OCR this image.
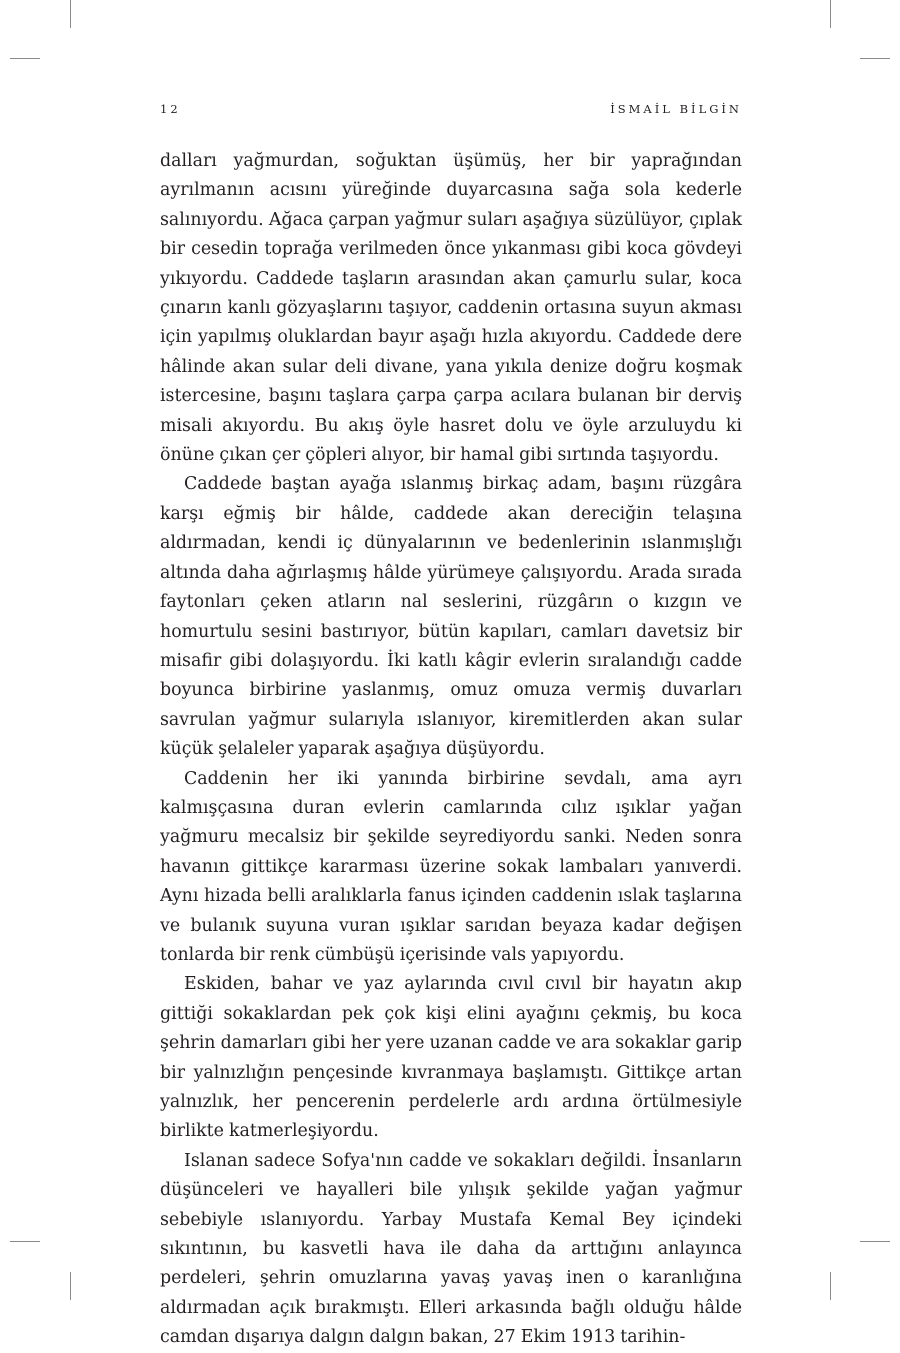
12	İSMAİL BİLGİN

dalları yağmurdan, soğuktan üşümüş, her bir yaprağından ayrılmanın acısını yüreğinde duyarcasına sağa sola kederle salınıyordu. Ağaca çarpan yağmur suları aşağıya süzülüyor, çıplak bir cesedin toprağa verilmeden önce yıkanması gibi koca gövdeyi yıkıyordu. Caddede taşların arasından akan çamurlu sular, koca çınarın kanlı gözyaşlarını taşıyor, caddenin ortasına suyun akması için yapılmış oluklardan bayır aşağı hızla akıyordu. Caddede dere hâlinde akan sular deli divane, yana yıkıla denize doğru koşmak istercesine, başını taşlara çarpa çarpa acılara bulanan bir derviş misali akıyordu. Bu akış öyle hasret dolu ve öyle arzuluydu ki önüne çıkan çer çöpleri alıyor, bir hamal gibi sırtında taşıyordu.

Caddede baştan ayağa ıslanmış birkaç adam, başını rüzgâra karşı eğmiş bir hâlde, caddede akan dereciğin telaşına aldırmadan, kendi iç dünyalarının ve bedenlerinin ıslanmışlığı altında daha ağırlaşmış hâlde yürümeye çalışıyordu. Arada sırada faytonları çeken atların nal seslerini, rüzgârın o kızgın ve homurtulu sesini bastırıyor, bütün kapıları, camları davetsiz bir misafir gibi dolaşıyordu. İki katlı kâgir evlerin sıralandığı cadde boyunca birbirine yaslanmış, omuz omuza vermiş duvarları savrulan yağmur sularıyla ıslanıyor, kiremitlerden akan sular küçük şelaleler yaparak aşağıya düşüyordu.

Caddenin her iki yanında birbirine sevdalı, ama ayrı kalmışçasına duran evlerin camlarında cılız ışıklar yağan yağmuru mecalsiz bir şekilde seyrediyordu sanki. Neden sonra havanın gittikçe kararması üzerine sokak lambaları yanıverdi. Aynı hizada belli aralıklarla fanus içinden caddenin ıslak taşlarına ve bulanık suyuna vuran ışıklar sarıdan beyaza kadar değişen tonlarda bir renk cümbüşü içerisinde vals yapıyordu.

Eskiden, bahar ve yaz aylarında cıvıl cıvıl bir hayatın akıp gittiği sokaklardan pek çok kişi elini ayağını çekmiş, bu koca şehrin damarları gibi her yere uzanan cadde ve ara sokaklar garip bir yalnızlığın pençesinde kıvranmaya başlamıştı. Gittikçe artan yalnızlık, her pencerenin perdelerle ardı ardına örtülmesiyle birlikte katmerleşiyordu.

Islanan sadece Sofya'nın cadde ve sokakları değildi. İnsanların düşünceleri ve hayalleri bile yılışık şekilde yağan yağmur sebebiyle ıslanıyordu. Yarbay Mustafa Kemal Bey içindeki sıkıntının, bu kasvetli hava ile daha da arttığını anlayınca perdeleri, şehrin omuzlarına yavaş yavaş inen o karanlığına aldırmadan açık bırakmıştı. Elleri arkasında bağlı olduğu hâlde camdan dışarıya dalgın dalgın bakan, 27 Ekim 1913 tarihin-
